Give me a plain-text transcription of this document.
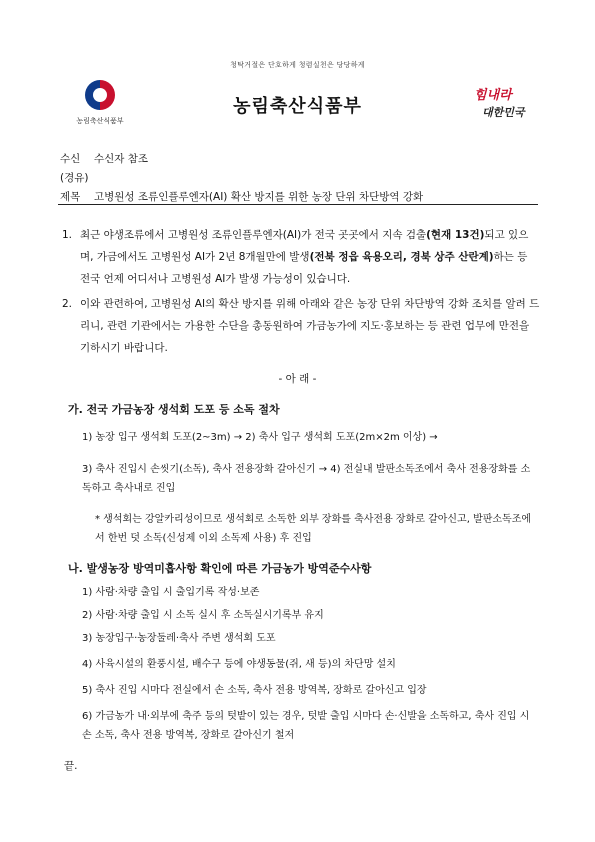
청탁거절은 단호하게 청렴실천은 당당하게
농림축산식품부
농림축산식품부
힘내라
대한민국
수신 수신자 참조
(경유)
제목 고병원성 조류인플루엔자(AI) 확산 방지를 위한 농장 단위 차단방역 강화
1. 최근 야생조류에서 고병원성 조류인플루엔자(AI)가 전국 곳곳에서 지속 검출(현재 13건)되고 있으며, 가금에서도 고병원성 AI가 2년 8개월만에 발생(전북 정읍 육용오리, 경북 상주 산란계)하는 등 전국 언제 어디서나 고병원성 AI가 발생 가능성이 있습니다.
2. 이와 관련하여, 고병원성 AI의 확산 방지를 위해 아래와 같은 농장 단위 차단방역 강화 조치를 알려 드리니, 관련 기관에서는 가용한 수단을 총동원하여 가금농가에 지도·홍보하는 등 관련 업무에 만전을 기하시기 바랍니다.
- 아 래 -
가. 전국 가금농장 생석회 도포 등 소독 절차
1) 농장 입구 생석회 도포(2~3m) → 2) 축사 입구 생석회 도포(2m×2m 이상) →
3) 축사 진입시 손씻기(소독), 축사 전용장화 갈아신기 → 4) 전실내 발판소독조에서 축사 전용장화를 소독하고 축사내로 진입
* 생석회는 강알카리성이므로 생석회로 소독한 외부 장화를 축사전용 장화로 갈아신고, 발판소독조에서 한번 덧 소독(신성제 이외 소독제 사용) 후 진입
나. 발생농장 방역미흡사항 확인에 따른 가금농가 방역준수사항
1) 사람·차량 출입 시 출입기록 작성·보존
2) 사람·차량 출입 시 소독 실시 후 소독실시기록부 유지
3) 농장입구·농장둘레·축사 주변 생석회 도포
4) 사육시설의 환풍시설, 배수구 등에 야생동물(쥐, 새 등)의 차단망 설치
5) 축사 진입 시마다 전실에서 손 소독, 축사 전용 방역복, 장화로 갈아신고 입장
6) 가금농가 내·외부에 축주 등의 텃밭이 있는 경우, 텃밭 출입 시마다 손·신발을 소독하고, 축사 진입 시 손 소독, 축사 전용 방역복, 장화로 갈아신기 철저
끝.
